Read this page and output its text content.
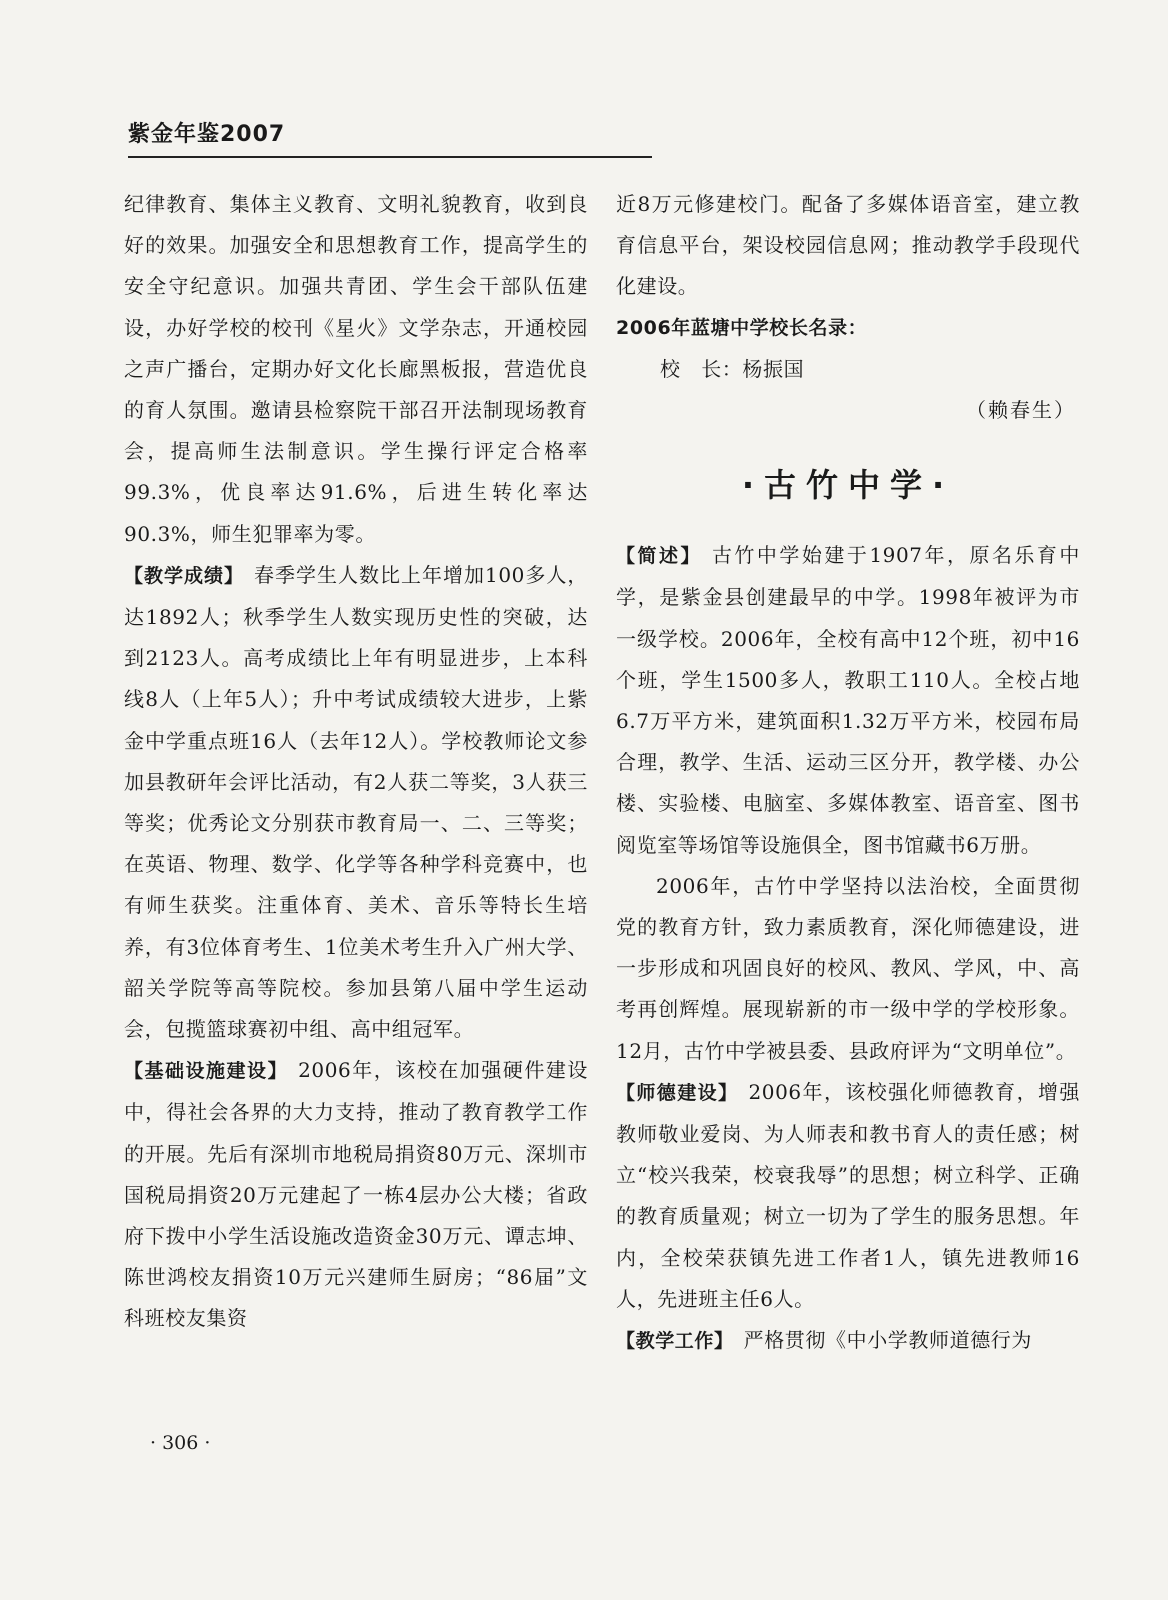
紫金年鉴2007

纪律教育、集体主义教育、文明礼貌教育，收到良好的效果。加强安全和思想教育工作，提高学生的安全守纪意识。加强共青团、学生会干部队伍建设，办好学校的校刊《星火》文学杂志，开通校园之声广播台，定期办好文化长廊黑板报，营造优良的育人氛围。邀请县检察院干部召开法制现场教育会，提高师生法制意识。学生操行评定合格率99.3%，优良率达91.6%，后进生转化率达90.3%，师生犯罪率为零。

【教学成绩】 春季学生人数比上年增加100多人，达1892人；秋季学生人数实现历史性的突破，达到2123人。高考成绩比上年有明显进步，上本科线8人（上年5人）；升中考试成绩较大进步，上紫金中学重点班16人（去年12人）。学校教师论文参加县教研年会评比活动，有2人获二等奖，3人获三等奖；优秀论文分别获市教育局一、二、三等奖；在英语、物理、数学、化学等各种学科竞赛中，也有师生获奖。注重体育、美术、音乐等特长生培养，有3位体育考生、1位美术考生升入广州大学、韶关学院等高等院校。参加县第八届中学生运动会，包揽篮球赛初中组、高中组冠军。

【基础设施建设】 2006年，该校在加强硬件建设中，得社会各界的大力支持，推动了教育教学工作的开展。先后有深圳市地税局捐资80万元、深圳市国税局捐资20万元建起了一栋4层办公大楼；省政府下拨中小学生活设施改造资金30万元、谭志坤、陈世鸿校友捐资10万元兴建师生厨房；“86届”文科班校友集资

近8万元修建校门。配备了多媒体语音室，建立教育信息平台，架设校园信息网；推动教学手段现代化建设。

2006年蓝塘中学校长名录：

校　长：杨振国

（赖春生）

·古竹中学·

【简述】 古竹中学始建于1907年，原名乐育中学，是紫金县创建最早的中学。1998年被评为市一级学校。2006年，全校有高中12个班，初中16个班，学生1500多人，教职工110人。全校占地6.7万平方米，建筑面积1.32万平方米，校园布局合理，教学、生活、运动三区分开，教学楼、办公楼、实验楼、电脑室、多媒体教室、语音室、图书阅览室等场馆等设施俱全，图书馆藏书6万册。

2006年，古竹中学坚持以法治校，全面贯彻党的教育方针，致力素质教育，深化师德建设，进一步形成和巩固良好的校风、教风、学风，中、高考再创辉煌。展现崭新的市一级中学的学校形象。12月，古竹中学被县委、县政府评为“文明单位”。

【师德建设】 2006年，该校强化师德教育，增强教师敬业爱岗、为人师表和教书育人的责任感；树立“校兴我荣，校衰我辱”的思想；树立科学、正确的教育质量观；树立一切为了学生的服务思想。年内，全校荣获镇先进工作者1人，镇先进教师16人，先进班主任6人。

【教学工作】 严格贯彻《中小学教师道德行为

· 306 ·
